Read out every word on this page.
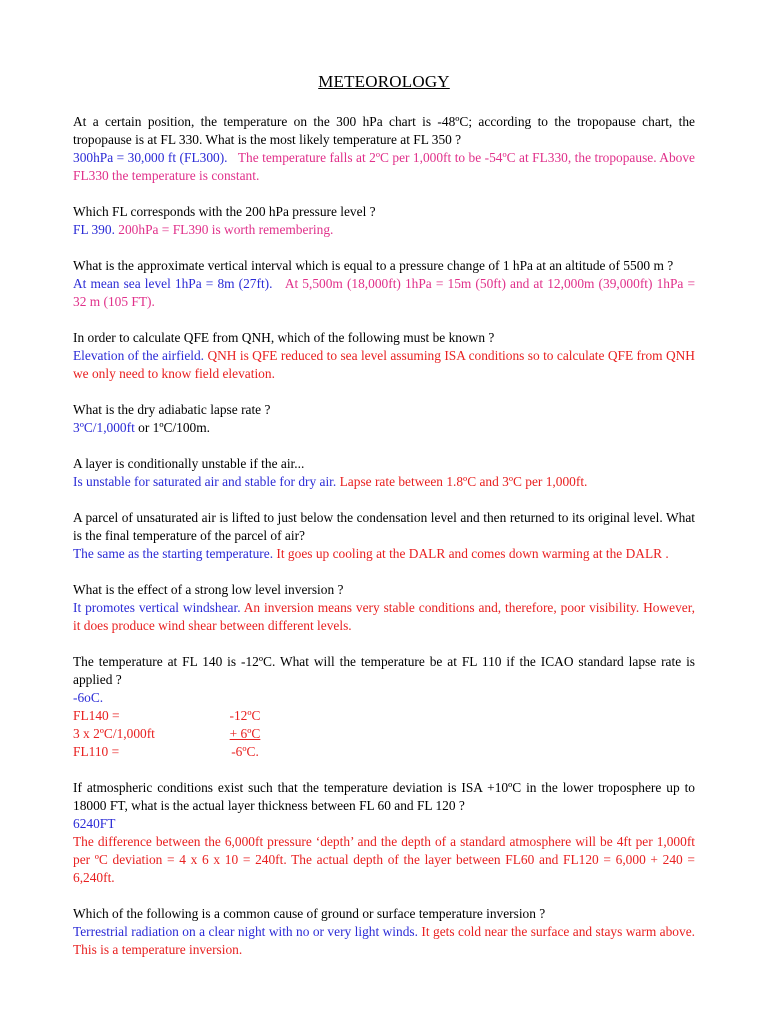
METEOROLOGY
At a certain position, the temperature on the 300 hPa chart is -48ºC; according to the tropopause chart, the tropopause is at FL 330. What is the most likely temperature at FL 350 ?
300hPa = 30,000 ft (FL300). The temperature falls at 2ºC per 1,000ft to be -54ºC at FL330, the tropopause. Above FL330 the temperature is constant.
Which FL corresponds with the 200 hPa pressure level ?
FL 390. 200hPa = FL390 is worth remembering.
What is the approximate vertical interval which is equal to a pressure change of 1 hPa at an altitude of 5500 m ?
At mean sea level 1hPa = 8m (27ft). At 5,500m (18,000ft) 1hPa = 15m (50ft) and at 12,000m (39,000ft) 1hPa = 32 m (105 FT).
In order to calculate QFE from QNH, which of the following must be known ?
Elevation of the airfield. QNH is QFE reduced to sea level assuming ISA conditions so to calculate QFE from QNH we only need to know field elevation.
What is the dry adiabatic lapse rate ?
3ºC/1,000ft or 1ºC/100m.
A layer is conditionally unstable if the air...
Is unstable for saturated air and stable for dry air. Lapse rate between 1.8ºC and 3ºC per 1,000ft.
A parcel of unsaturated air is lifted to just below the condensation level and then returned to its original level. What is the final temperature of the parcel of air?
The same as the starting temperature. It goes up cooling at the DALR and comes down warming at the DALR .
What is the effect of a strong low level inversion ?
It promotes vertical windshear. An inversion means very stable conditions and, therefore, poor visibility. However, it does produce wind shear between different levels.
The temperature at FL 140 is -12ºC. What will the temperature be at FL 110 if the ICAO standard lapse rate is applied ?
-6oC.
FL140 =	-12ºC
3 x 2ºC/1,000ft	+ 6ºC
FL110 =	-6ºC.
If atmospheric conditions exist such that the temperature deviation is ISA +10ºC in the lower troposphere up to 18000 FT, what is the actual layer thickness between FL 60 and FL 120 ?
6240FT
The difference between the 6,000ft pressure ‘depth’ and the depth of a standard atmosphere will be 4ft per 1,000ft per ºC deviation = 4 x 6 x 10 = 240ft. The actual depth of the layer between FL60 and FL120 = 6,000 + 240 = 6,240ft.
Which of the following is a common cause of ground or surface temperature inversion ?
Terrestrial radiation on a clear night with no or very light winds. It gets cold near the surface and stays warm above. This is a temperature inversion.
